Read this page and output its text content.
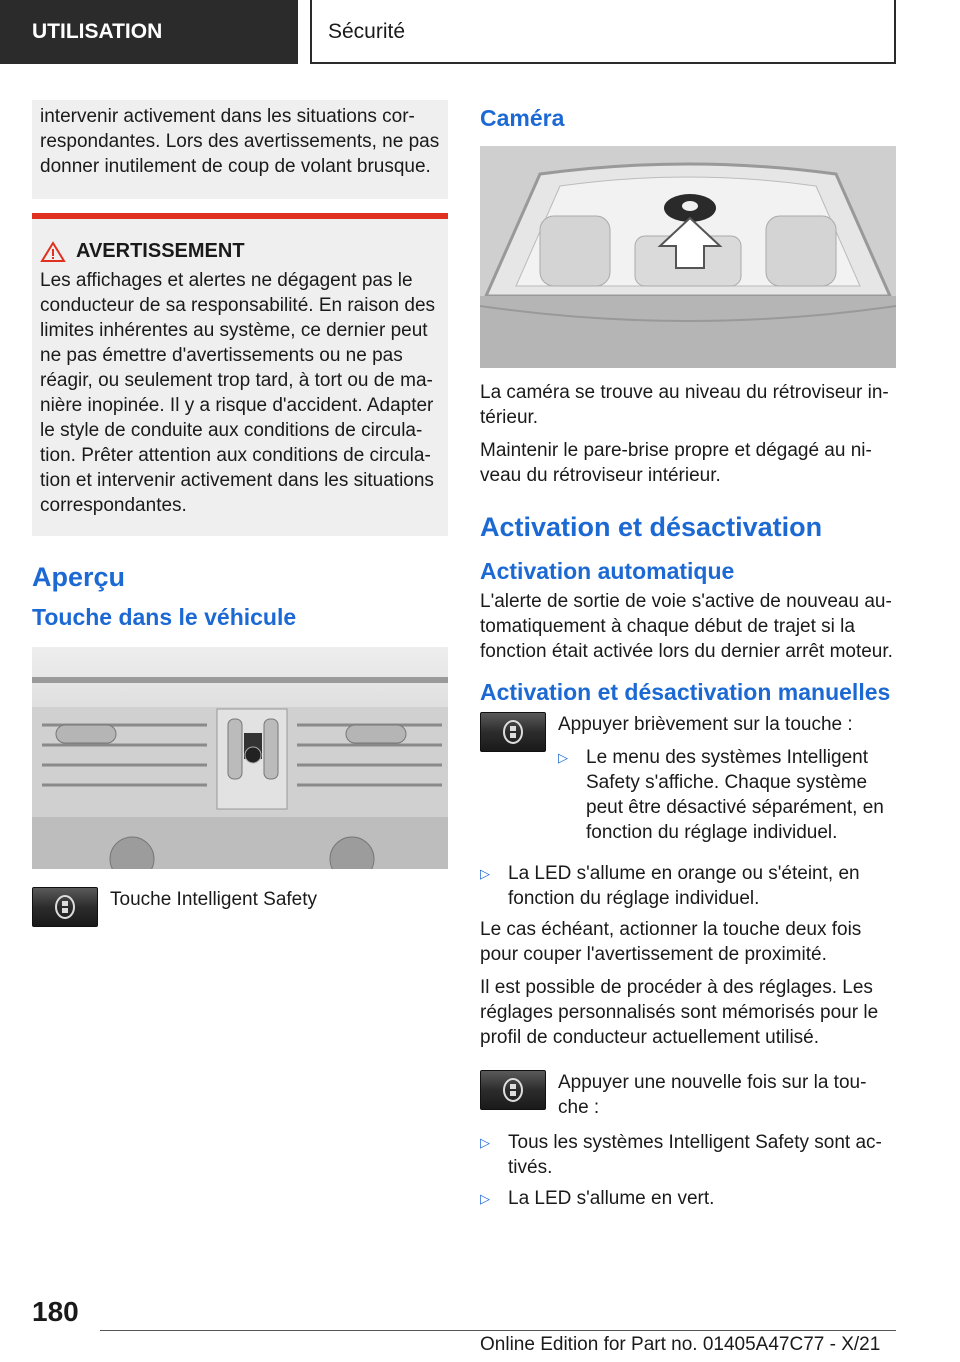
UTILISATION	Sécurité
intervenir activement dans les situations cor-respondantes. Lors des avertissements, ne pas donner inutilement de coup de volant brusque.
AVERTISSEMENT
Les affichages et alertes ne dégagent pas le conducteur de sa responsabilité. En raison des limites inhérentes au système, ce dernier peut ne pas émettre d'avertissements ou ne pas réagir, ou seulement trop tard, à tort ou de ma-nière inopinée. Il y a risque d'accident. Adapter le style de conduite aux conditions de circula-tion. Prêter attention aux conditions de circula-tion et intervenir activement dans les situations correspondantes.
Aperçu
Touche dans le véhicule
Touche Intelligent Safety
Caméra

La caméra se trouve au niveau du rétroviseur in-térieur.

Maintenir le pare-brise propre et dégagé au ni-veau du rétroviseur intérieur.

Activation et désactivation
Activation automatique

L'alerte de sortie de voie s'active de nouveau au-tomatiquement à chaque début de trajet si la fonction était activée lors du dernier arrêt moteur.

Activation et désactivation manuelles
Appuyer brièvement sur la touche :
▷ Le menu des systèmes Intelligent Safety s'affiche. Chaque système peut être désactivé séparément, en fonction du réglage individuel.
▷ La LED s'allume en orange ou s'éteint, en fonction du réglage individuel.

Le cas échéant, actionner la touche deux fois pour couper l'avertissement de proximité.

Il est possible de procéder à des réglages. Les réglages personnalisés sont mémorisés pour le profil de conducteur actuellement utilisé.

Appuyer une nouvelle fois sur la tou-che :
▷ Tous les systèmes Intelligent Safety sont ac-tivés.
▷ La LED s'allume en vert.
180
Online Edition for Part no. 01405A47C77 - X/21
